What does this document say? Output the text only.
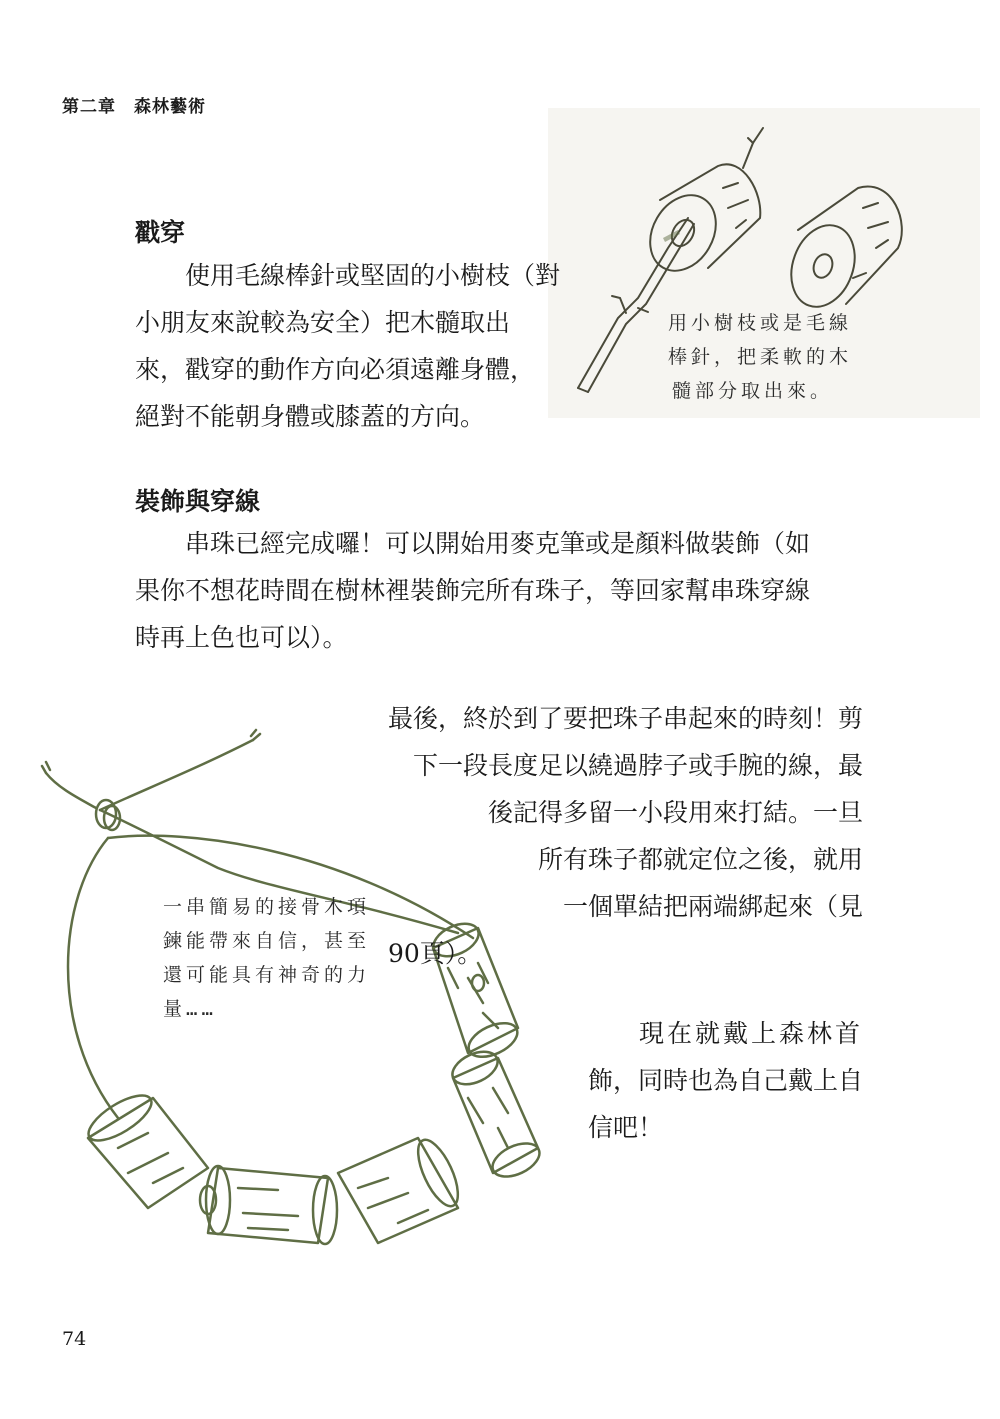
第二章　森林藝術
用小樹枝或是毛線
棒針，把柔軟的木
髓部分取出來。
戳穿
　　使用毛線棒針或堅固的小樹枝（對
小朋友來說較為安全）把木髓取出
來，戳穿的動作方向必須遠離身體，
絕對不能朝身體或膝蓋的方向。
裝飾與穿線
　　串珠已經完成囉！可以開始用麥克筆或是顏料做裝飾（如
果你不想花時間在樹林裡裝飾完所有珠子，等回家幫串珠穿線
時再上色也可以）。
一串簡易的接骨木項
鍊能帶來自信，甚至
還可能具有神奇的力
量……
最後，終於到了要把珠子串起來的時刻！剪
下一段長度足以繞過脖子或手腕的線，最
後記得多留一小段用來打結。一旦
所有珠子都就定位之後，就用
一個單結把兩端綁起來（見
90頁）。
現在就戴上森林首
飾，同時也為自己戴上自
信吧！
74
